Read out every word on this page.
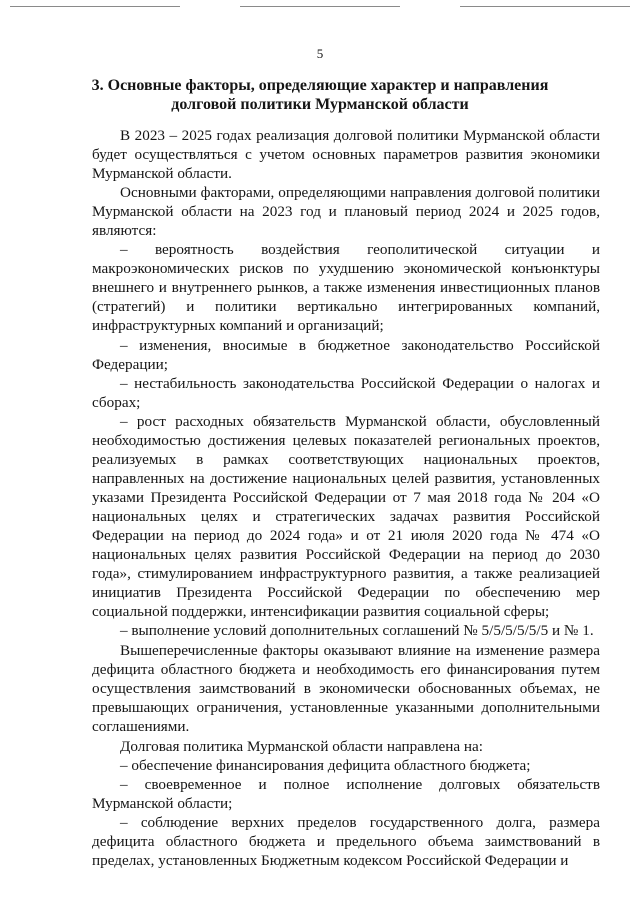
5
3. Основные факторы, определяющие характер и направления
долговой политики Мурманской области

В 2023 – 2025 годах реализация долговой политики Мурманской области будет осуществляться с учетом основных параметров развития экономики Мурманской области.

Основными факторами, определяющими направления долговой политики Мурманской области на 2023 год и плановый период 2024 и 2025 годов, являются:

– вероятность воздействия геополитической ситуации и макроэкономических рисков по ухудшению экономической конъюнктуры внешнего и внутреннего рынков, а также изменения инвестиционных планов (стратегий) и политики вертикально интегрированных компаний, инфраструктурных компаний и организаций;

– изменения, вносимые в бюджетное законодательство Российской Федерации;

– нестабильность законодательства Российской Федерации о налогах и сборах;

– рост расходных обязательств Мурманской области, обусловленный необходимостью достижения целевых показателей региональных проектов, реализуемых в рамках соответствующих национальных проектов, направленных на достижение национальных целей развития, установленных указами Президента Российской Федерации от 7 мая 2018 года № 204 «О национальных целях и стратегических задачах развития Российской Федерации на период до 2024 года» и от 21 июля 2020 года № 474 «О национальных целях развития Российской Федерации на период до 2030 года», стимулированием инфраструктурного развития, а также реализацией инициатив Президента Российской Федерации по обеспечению мер социальной поддержки, интенсификации развития социальной сферы;

– выполнение условий дополнительных соглашений № 5/5/5/5/5/5 и № 1.

Вышеперечисленные факторы оказывают влияние на изменение размера дефицита областного бюджета и необходимость его финансирования путем осуществления заимствований в экономически обоснованных объемах, не превышающих ограничения, установленные указанными дополнительными соглашениями.

Долговая политика Мурманской области направлена на:

– обеспечение финансирования дефицита областного бюджета;

– своевременное и полное исполнение долговых обязательств Мурманской области;

– соблюдение верхних пределов государственного долга, размера дефицита областного бюджета и предельного объема заимствований в пределах, установленных Бюджетным кодексом Российской Федерации и
